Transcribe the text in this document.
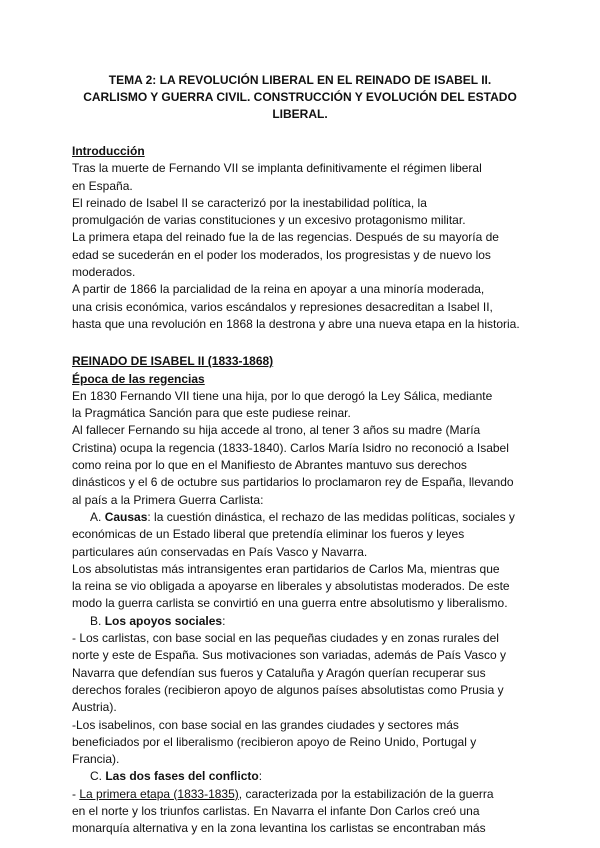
TEMA 2: LA REVOLUCIÓN LIBERAL EN EL REINADO DE ISABEL II.
CARLISMO Y GUERRA CIVIL. CONSTRUCCIÓN Y EVOLUCIÓN DEL ESTADO
LIBERAL.
Introducción
Tras la muerte de Fernando VII se implanta definitivamente el régimen liberal
en España.
El reinado de Isabel II se caracterizó por la inestabilidad política, la
promulgación de varias constituciones y un excesivo protagonismo militar.
La primera etapa del reinado fue la de las regencias. Después de su mayoría de
edad se sucederán en el poder los moderados, los progresistas y de nuevo los
moderados.
A partir de 1866 la parcialidad de la reina en apoyar a una minoría moderada,
una crisis económica, varios escándalos y represiones desacreditan a Isabel II,
hasta que una revolución en 1868 la destrona y abre una nueva etapa en la historia.
REINADO DE ISABEL II (1833-1868)
Época de las regencias
En 1830 Fernando VII tiene una hija, por lo que derogó la Ley Sálica, mediante
la Pragmática Sanción para que este pudiese reinar.
Al fallecer Fernando su hija accede al trono, al tener 3 años su madre (María
Cristina) ocupa la regencia (1833-1840). Carlos María Isidro no reconoció a Isabel
como reina por lo que en el Manifiesto de Abrantes mantuvo sus derechos
dinásticos y el 6 de octubre sus partidarios lo proclamaron rey de España, llevando
al país a la Primera Guerra Carlista:
A. Causas: la cuestión dinástica, el rechazo de las medidas políticas, sociales y
económicas de un Estado liberal que pretendía eliminar los fueros y leyes
particulares aún conservadas en País Vasco y Navarra.
Los absolutistas más intransigentes eran partidarios de Carlos Ma, mientras que
la reina se vio obligada a apoyarse en liberales y absolutistas moderados. De este
modo la guerra carlista se convirtió en una guerra entre absolutismo y liberalismo.
B. Los apoyos sociales:
- Los carlistas, con base social en las pequeñas ciudades y en zonas rurales del
norte y este de España. Sus motivaciones son variadas, además de País Vasco y
Navarra que defendían sus fueros y Cataluña y Aragón querían recuperar sus
derechos forales (recibieron apoyo de algunos países absolutistas como Prusia y
Austria).
-Los isabelinos, con base social en las grandes ciudades y sectores más
beneficiados por el liberalismo (recibieron apoyo de Reino Unido, Portugal y
Francia).
C. Las dos fases del conflicto:
- La primera etapa (1833-1835), caracterizada por la estabilización de la guerra
en el norte y los triunfos carlistas. En Navarra el infante Don Carlos creó una
monarquía alternativa y en la zona levantina los carlistas se encontraban más
